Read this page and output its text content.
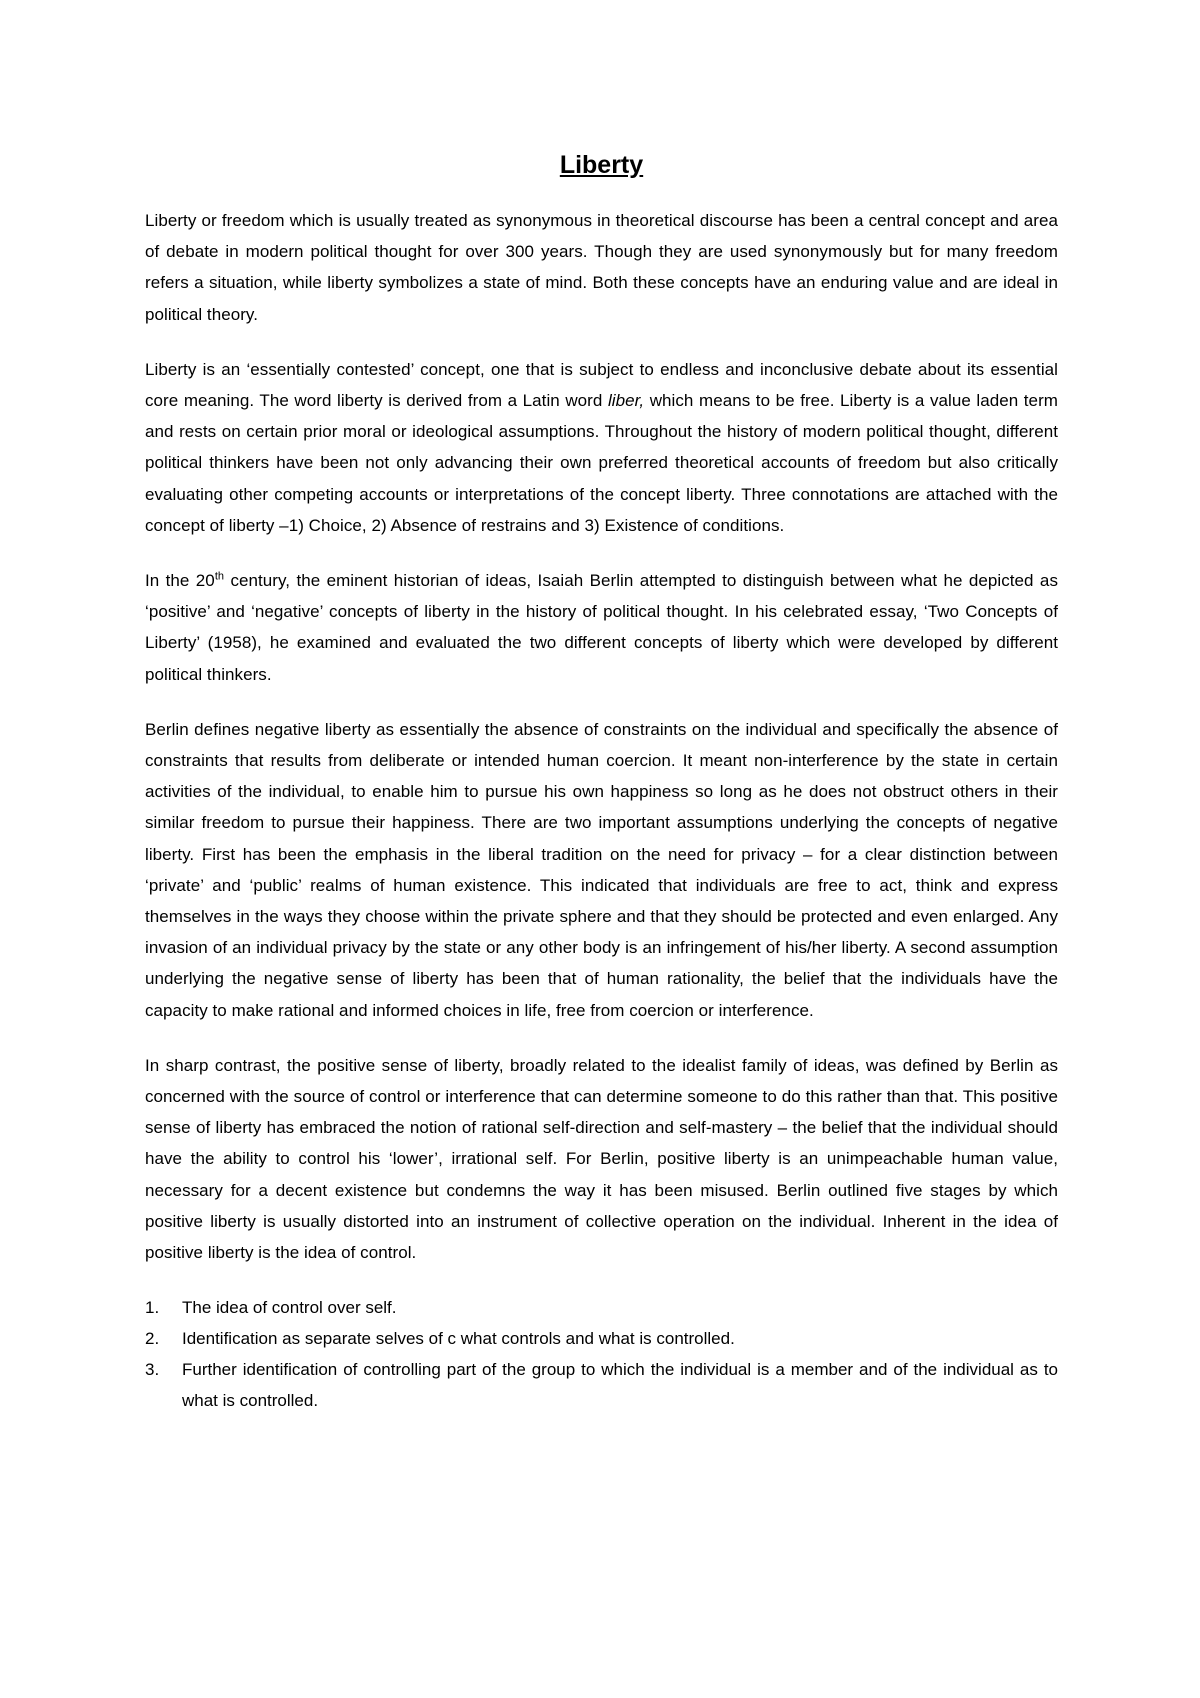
Liberty

Liberty or freedom which is usually treated as synonymous in theoretical discourse has been a central concept and area of debate in modern political thought for over 300 years. Though they are used synonymously but for many freedom refers a situation, while liberty symbolizes a state of mind. Both these concepts have an enduring value and are ideal in political theory.

Liberty is an ‘essentially contested’ concept, one that is subject to endless and inconclusive debate about its essential core meaning. The word liberty is derived from a Latin word liber, which means to be free. Liberty is a value laden term and rests on certain prior moral or ideological assumptions. Throughout the history of modern political thought, different political thinkers have been not only advancing their own preferred theoretical accounts of freedom but also critically evaluating other competing accounts or interpretations of the concept liberty. Three connotations are attached with the concept of liberty –1) Choice, 2) Absence of restrains and 3) Existence of conditions.

In the 20th century, the eminent historian of ideas, Isaiah Berlin attempted to distinguish between what he depicted as ‘positive’ and ‘negative’ concepts of liberty in the history of political thought. In his celebrated essay, ‘Two Concepts of Liberty’ (1958), he examined and evaluated the two different concepts of liberty which were developed by different political thinkers.

Berlin defines negative liberty as essentially the absence of constraints on the individual and specifically the absence of constraints that results from deliberate or intended human coercion. It meant non-interference by the state in certain activities of the individual, to enable him to pursue his own happiness so long as he does not obstruct others in their similar freedom to pursue their happiness. There are two important assumptions underlying the concepts of negative liberty. First has been the emphasis in the liberal tradition on the need for privacy – for a clear distinction between ‘private’ and ‘public’ realms of human existence. This indicated that individuals are free to act, think and express themselves in the ways they choose within the private sphere and that they should be protected and even enlarged. Any invasion of an individual privacy by the state or any other body is an infringement of his/her liberty. A second assumption underlying the negative sense of liberty has been that of human rationality, the belief that the individuals have the capacity to make rational and informed choices in life, free from coercion or interference.

In sharp contrast, the positive sense of liberty, broadly related to the idealist family of ideas, was defined by Berlin as concerned with the source of control or interference that can determine someone to do this rather than that. This positive sense of liberty has embraced the notion of rational self-direction and self-mastery – the belief that the individual should have the ability to control his ‘lower’, irrational self. For Berlin, positive liberty is an unimpeachable human value, necessary for a decent existence but condemns the way it has been misused. Berlin outlined five stages by which positive liberty is usually distorted into an instrument of collective operation on the individual. Inherent in the idea of positive liberty is the idea of control.

1. The idea of control over self.
2. Identification as separate selves of c what controls and what is controlled.
3. Further identification of controlling part of the group to which the individual is a member and of the individual as to what is controlled.
